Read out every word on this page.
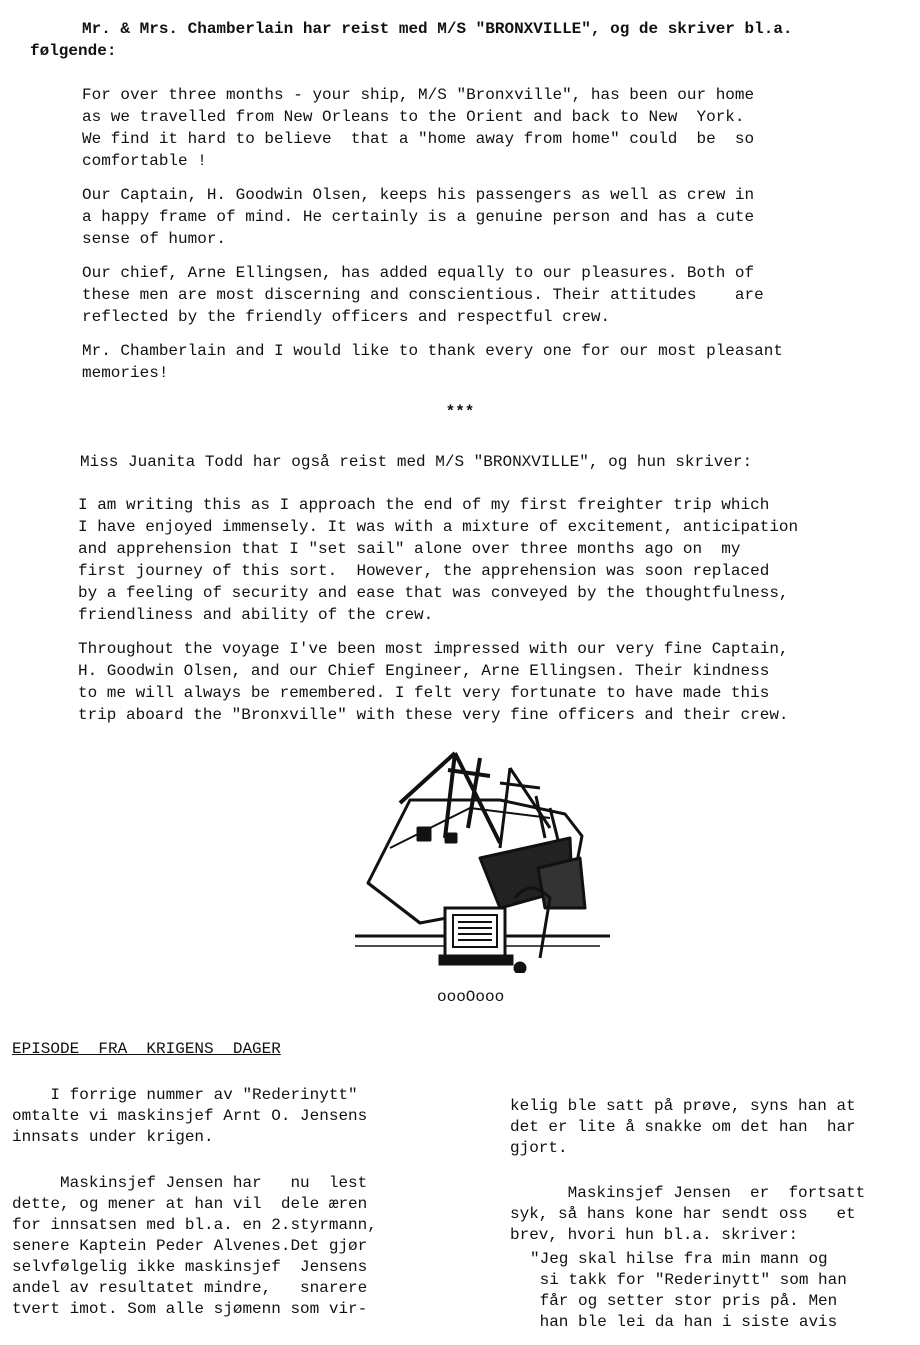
Mr. & Mrs. Chamberlain har reist med M/S "BRONXVILLE", og de skriver bl.a.
følgende:
For over three months - your ship, M/S "Bronxville", has been our home
as we travelled from New Orleans to the Orient and back to New  York.
We find it hard to believe  that a "home away from home" could  be  so
comfortable !
Our Captain, H. Goodwin Olsen, keeps his passengers as well as crew in
a happy frame of mind. He certainly is a genuine person and has a cute
sense of humor.
Our chief, Arne Ellingsen, has added equally to our pleasures. Both of
these men are most discerning and conscientious. Their attitudes    are
reflected by the friendly officers and respectful crew.
Mr. Chamberlain and I would like to thank every one for our most pleasant
memories!
***
Miss Juanita Todd har også reist med M/S "BRONXVILLE", og hun skriver:
I am writing this as I approach the end of my first freighter trip which
I have enjoyed immensely. It was with a mixture of excitement, anticipation
and apprehension that I "set sail" alone over three months ago on  my
first journey of this sort.  However, the apprehension was soon replaced
by a feeling of security and ease that was conveyed by the thoughtfulness,
friendliness and ability of the crew.
Throughout the voyage I've been most impressed with our very fine Captain,
H. Goodwin Olsen, and our Chief Engineer, Arne Ellingsen. Their kindness
to me will always be remembered. I felt very fortunate to have made this
trip aboard the "Bronxville" with these very fine officers and their crew.
oooOooo
EPISODE  FRA  KRIGENS  DAGER
I forrige nummer av "Rederinytt"
omtalte vi maskinsjef Arnt O. Jensens
innsats under krigen.
Maskinsjef Jensen har   nu  lest
dette, og mener at han vil  dele æren
for innsatsen med bl.a. en 2.styrmann,
senere Kaptein Peder Alvenes.Det gjør
selvfølgelig ikke maskinsjef  Jensens
andel av resultatet mindre,   snarere
tvert imot. Som alle sjømenn som vir-
kelig ble satt på prøve, syns han at
det er lite å snakke om det han  har
gjort.
Maskinsjef Jensen  er  fortsatt
syk, så hans kone har sendt oss   et
brev, hvori hun bl.a. skriver:
"Jeg skal hilse fra min mann og
si takk for "Rederinytt" som han
får og setter stor pris på. Men
han ble lei da han i siste avis
